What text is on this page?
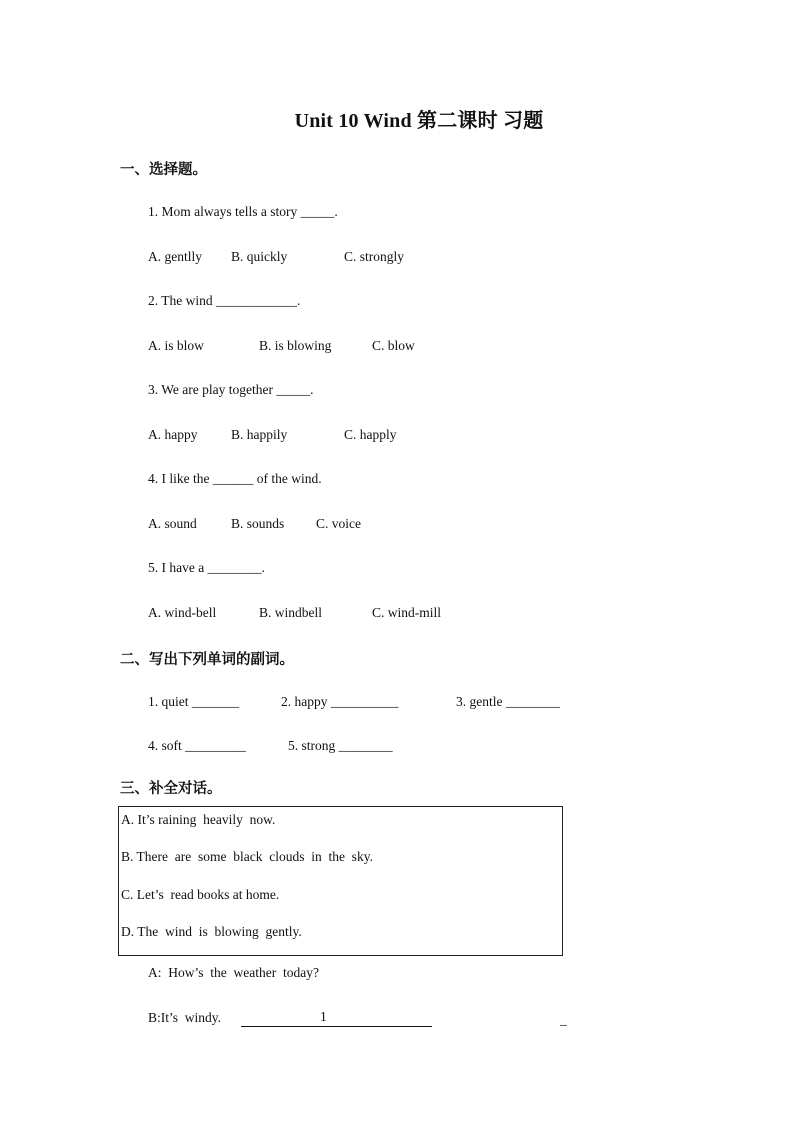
Unit 10 Wind 第二课时 习题
一、选择题。
1. Mom always tells a story _____.
A. gentlly B. quickly	C. strongly
2. The wind ____________.
A. is blow	B. is blowing	C. blow
3. We are play together _____.
A. happy B. happily	C. happly
4. I like the ______ of the wind.
A. sound	B. sounds C. voice
5. I have a ________.
A. wind-bell	B. windbell	C. wind-mill
二、写出下列单词的副词。
1. quiet _______	2. happy __________	3. gentle ________
4. soft _________	5. strong ________
三、补全对话。
A. It’s raining  heavily  now.
B. There  are  some  black  clouds  in  the  sky.
C. Let’s  read books at home.
D. The  wind  is  blowing  gently.
A:  How’s  the  weather  today?
B:It’s  windy.	1	_
